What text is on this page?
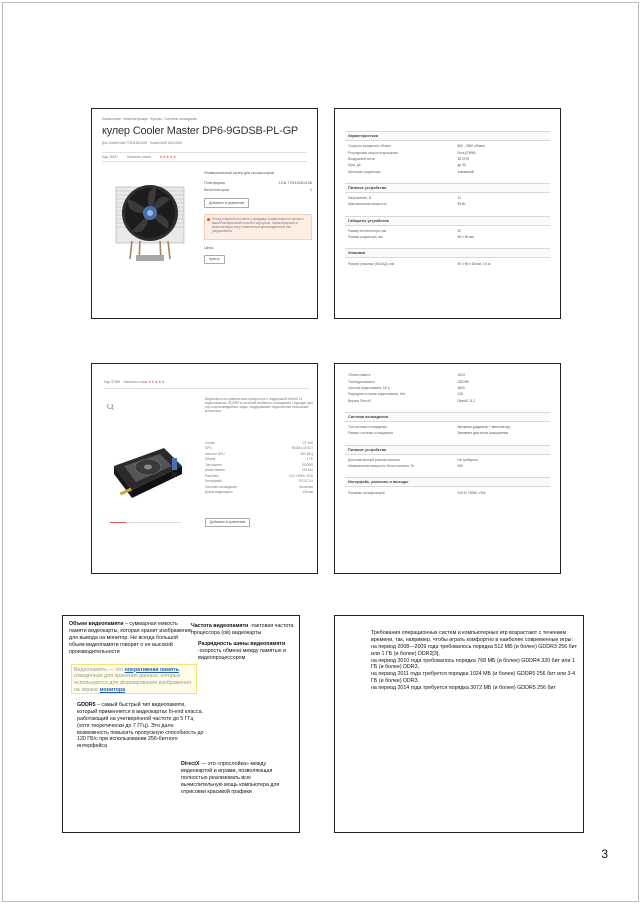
Компьютеры › Комплектующие › Кулеры › Системы охлаждения
кулер Cooler Master DP6-9GDSB-PL-GP
Для Socket Intel 775/1155/1156 · Socket AMD AM2/AM3
Код: 40937	Написать отзыв ★★★★★
Универсальный кулер для процессоров
Платформа	LGA 775/1155/1156
Вентиляторов	1
Добавить в сравнение
Перед покупкой уточните у продавца совместимость кулера с вашей материнской платой и корпусом. Характеристики и комплектация могут изменяться производителем без уведомления.
Цена
Купить
Характеристики
Скорость вращения, об/мин	800 - 2500 об/мин
Регулировка скорости вращения	Есть (PWM)
Воздушный поток	38 CFM
Шум, дБ	до 30
Материал радиатора	Алюминий
Питание устройства
Напряжение, В	12
Максимальная мощность	95 Вт
Габариты устройства
Размер вентилятора, мм	92
Размер радиатора, мм	95 x 90 мм
Упаковка
Размер упаковки (ВхШхД), мм	90 x 95 x 65 мм, 0.4 кг
Код: 57966 Написать отзыв ★★★★★
Видеокарта на графическом процессоре с поддержкой DirectX 11, видеопамятью GDDR5 и системой активного охлаждения. Подходит для игр и мультимедийных задач, поддерживает подключение нескольких мониторов.
Серия	GT 640
GPU	NVIDIA GK107
Частота GPU	900 МГц
Объём	2 ГБ
Тип памяти	GDDR5
Шина памяти	128 бит
Разъёмы	DVI, HDMI, VGA
Интерфейс	PCI-E 3.0
Система охлаждения	Активная
Длина видеокарты	145 мм
Добавить в сравнение
Объем памяти	1024
Тип видеопамяти	GDDR5
Частота видеопамяти, МГц	4600
Разрядность шины видеопамяти, бит	128
Версия DirectX	DirectX 11.2
Система охлаждения
Тип системы охлаждения	Активная (радиатор + вентилятор)
Размер системы охлаждения	Занимает два слота расширения
Питание устройства
Дополнительный разъем питания	Не требуется
Минимальная мощность блока питания, Вт	400
Интерфейс, разъемы и выходы
Разъемы на видеокарте	DVI-D, HDMI, VGA
Объем видеопамяти – суммарная емкость памяти видеокарты, которая хранит изображение для вывода на монитор. Не всегда большой объем видеопамяти говорит о ее высокой производительности
Частота видеопамяти -тактовая частота процессора (ов) видеокарты
Разрядность шины видеопамяти -скорость обмена между памятью и видеопроцессором
Видеопамять — это оперативная память, отведённая для хранения данных, которые используются для формирования изображения на экране монитора.
GDDR5 – самый быстрый тип видеопамяти, который применяется в видеокартах hi-end класса, работающий на учетверённой частоте до 5 ГГц (хотя теоретически до 7 ГГц). Это дало возможность повысить пропускную способность до 120 ГБ/с при использовании 256-битного интерфейса
DirectX — это «прослойка» между видеокартой и играми, позволяющая полностью реализовать всю вычислительную мощь компьютера для отрисовки красивой графики
Требования операционных систем и компьютерных игр возрастают с течением времени, так, например, чтобы играть комфортно в наиболее современные игры:
на период 2008—2009 года требовалось порядка 512 МБ (и более) GDDR3 256 бит или 1 ГБ (и более) DDR2[3],
на период 2010 года требовалось порядка 768 МБ (и более) GDDR4 320 бит или 1 ГБ (и более) DDR3,
на период 2011 года требуется порядка 1024 МБ (и более) GDDR5 256 бит или 3-4 ГБ (и более) DDR3.
на период 2014 года требуется порядка 3072 МБ (и более) GDDR5 256 бит
3
